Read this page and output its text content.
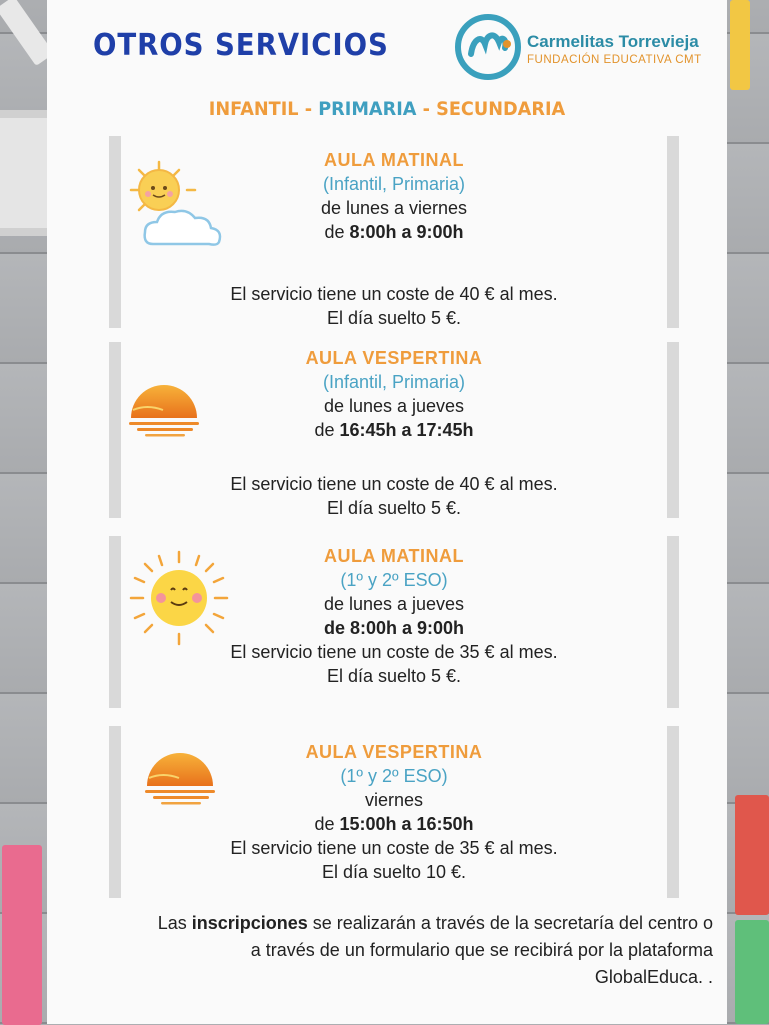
OTROS SERVICIOS	Carmelitas Torrevieja
FUNDACIÓN EDUCATIVA CMT
INFANTIL - PRIMARIA - SECUNDARIA
AULA MATINAL
(Infantil, Primaria)
de lunes a viernes
de 8:00h a 9:00h
El servicio tiene un coste de 40 € al mes.
El día suelto 5 €.
AULA VESPERTINA
(Infantil, Primaria)
de lunes a jueves
de 16:45h a 17:45h
El servicio tiene un coste de 40 € al mes.
El día suelto 5 €.
AULA MATINAL
(1º y 2º ESO)
de lunes a jueves
de 8:00h a 9:00h
El servicio tiene un coste de 35 € al mes.
El día suelto 5 €.
AULA VESPERTINA
(1º y 2º ESO)
viernes
de 15:00h a 16:50h
El servicio tiene un coste de 35 € al mes.
El día suelto 10 €.
Las inscripciones se realizarán a través de la secretaría del centro o
a través de un formulario que se recibirá por la plataforma
GlobalEduca. .
